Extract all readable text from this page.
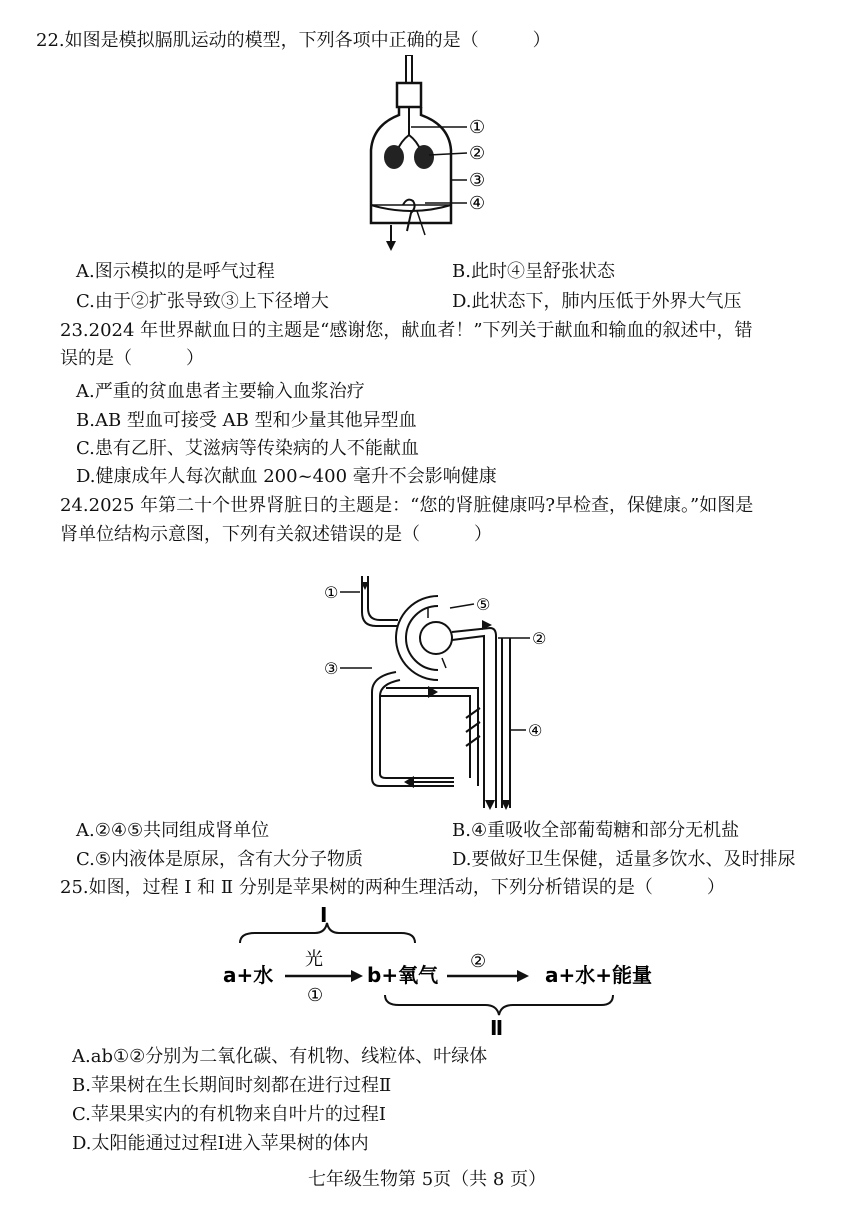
22.如图是模拟膈肌运动的模型，下列各项中正确的是（　　　）
①
②
③
④
A.图示模拟的是呼气过程	B.此时④呈舒张状态
C.由于②扩张导致③上下径增大	D.此状态下，肺内压低于外界大气压
23.2024 年世界献血日的主题是“感谢您，献血者！”下列关于献血和输血的叙述中，错
误的是（　　　）
A.严重的贫血患者主要输入血浆治疗
B.AB 型血可接受 AB 型和少量其他异型血
C.患有乙肝、艾滋病等传染病的人不能献血
D.健康成年人每次献血 200~400 毫升不会影响健康
24.2025 年第二十个世界肾脏日的主题是：“您的肾脏健康吗?早检查，保健康。”如图是
肾单位结构示意图，下列有关叙述错误的是（　　　）
①
②
③
④
⑤
A.②④⑤共同组成肾单位	B.④重吸收全部葡萄糖和部分无机盐
C.⑤内液体是原尿，含有大分子物质	D.要做好卫生保健，适量多饮水、及时排尿
25.如图，过程 Ⅰ 和 Ⅱ 分别是苹果树的两种生理活动，下列分析错误的是（　　　）
Ⅰ
a+水
光
①
b+氧气
②
a+水+能量
Ⅱ
A.ab①②分别为二氧化碳、有机物、线粒体、叶绿体
B.苹果树在生长期间时刻都在进行过程Ⅱ
C.苹果果实内的有机物来自叶片的过程Ⅰ
D.太阳能通过过程Ⅰ进入苹果树的体内
七年级生物第 5页（共 8 页）
